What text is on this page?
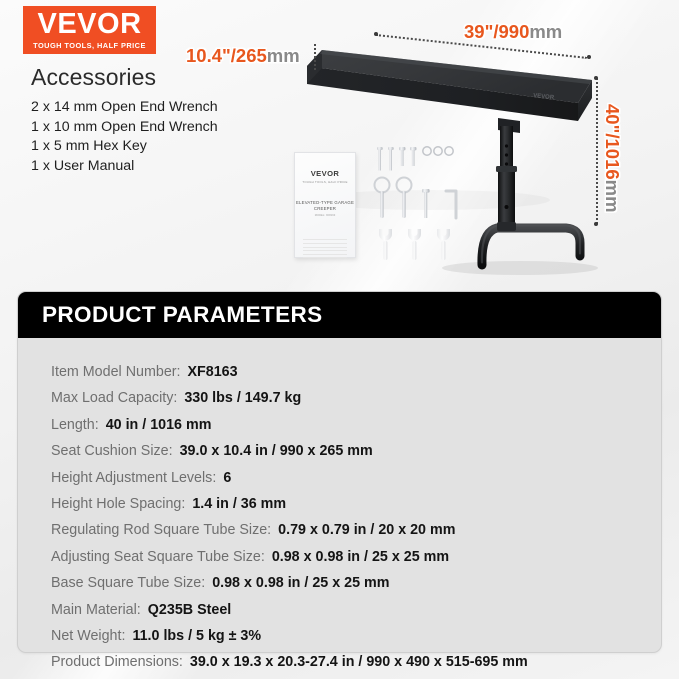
VEVOR
VEVOR
TOUGH TOOLS, HALF PRICE
Accessories
2 x 14 mm Open End Wrench
1 x 10 mm Open End Wrench
1 x 5 mm Hex Key
1 x User Manual
10.4"/265mm
39"/990mm
40"/1016mm
VEVOR
TOUGH TOOLS, HALF PRICE
ELEVATED-TYPE GARAGE CREEPER
MODEL: XF8163
PRODUCT PARAMETERS
Item Model Number: XF8163
Max Load Capacity: 330 lbs / 149.7 kg
Length: 40 in / 1016 mm
Seat Cushion Size: 39.0 x 10.4 in / 990 x 265 mm
Height Adjustment Levels: 6
Height Hole Spacing: 1.4 in / 36 mm
Regulating Rod Square Tube Size: 0.79 x 0.79 in / 20 x 20 mm
Adjusting Seat Square Tube Size: 0.98 x 0.98 in / 25 x 25 mm
Base Square Tube Size: 0.98 x 0.98 in / 25 x 25 mm
Main Material: Q235B Steel
Net Weight: 11.0 lbs / 5 kg ± 3%
Product Dimensions: 39.0 x 19.3 x 20.3-27.4 in / 990 x 490 x 515-695 mm
